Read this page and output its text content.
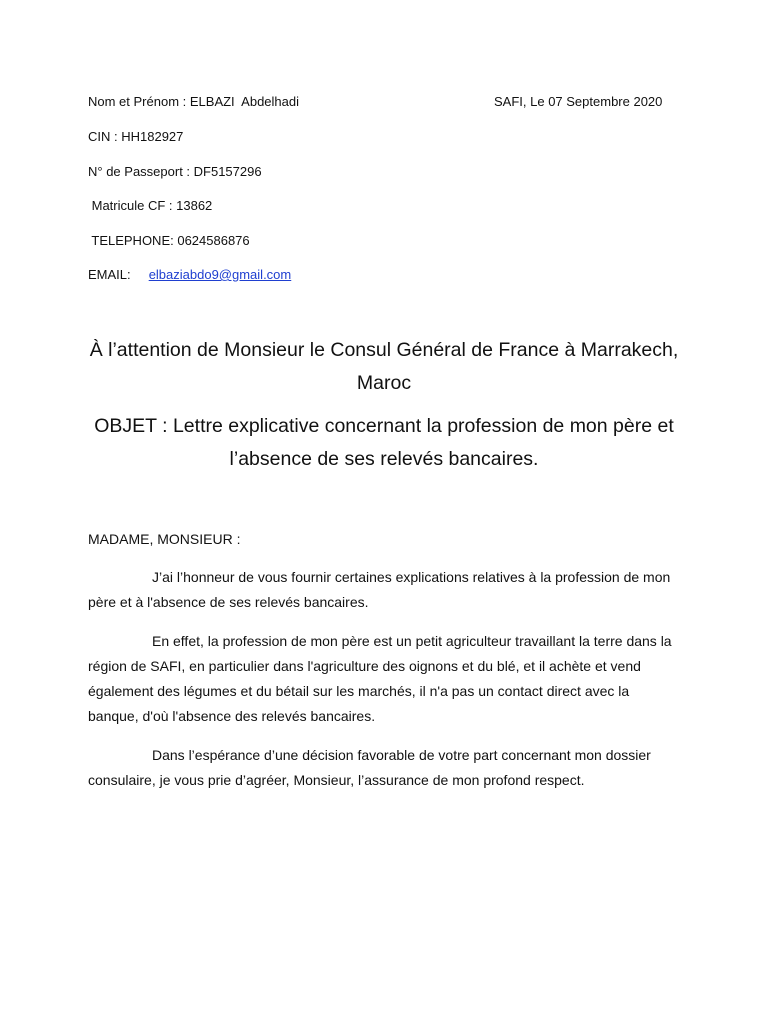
Nom et Prénom : ELBAZI  Abdelhadi
CIN : HH182927
N° de Passeport : DF5157296
Matricule CF : 13862
TELEPHONE: 0624586876
EMAIL:     elbaziabdo9@gmail.com
SAFI, Le 07 Septembre 2020
À l’attention de Monsieur le Consul Général de France à Marrakech, Maroc
OBJET : Lettre explicative concernant la profession de mon père et l’absence de ses relevés bancaires.
MADAME, MONSIEUR :

J’ai l’honneur de vous fournir certaines explications relatives à la profession de mon père et à l'absence de ses relevés bancaires.

En effet, la profession de mon père est un petit agriculteur travaillant la terre dans la région de SAFI, en particulier dans l'agriculture des oignons et du blé, et il achète et vend également des légumes et du bétail sur les marchés, il n'a pas un contact direct avec la banque, d'où l'absence des relevés bancaires.

Dans l’espérance d’une décision favorable de votre part concernant mon dossier consulaire, je vous prie d’agréer, Monsieur, l’assurance de mon profond respect.
